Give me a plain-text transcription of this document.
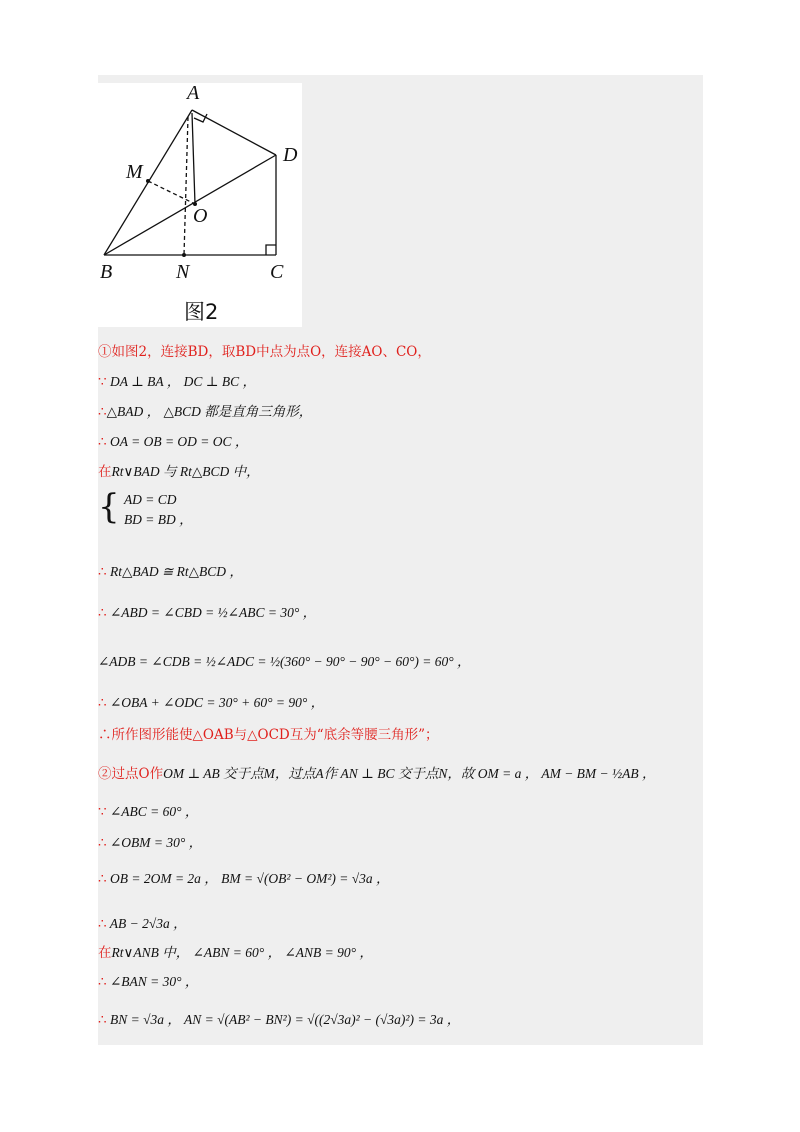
A
D
M
O
B	N	C
图2
①如图2，连接BD，取BD中点为点O，连接AO、CO，
∵ DA ⊥ BA ， DC ⊥ BC ，
∴△BAD ， △BCD 都是直角三角形，
∴ OA = OB = OD = OC ，
在Rt∨BAD 与 Rt△BCD 中，
{ AD = CD
BD = BD ，
∴ Rt△BAD ≅ Rt△BCD ，
∴ ∠ABD = ∠CBD = ½∠ABC = 30° ，
∠ADB = ∠CDB = ½∠ADC = ½(360° − 90° − 90° − 60°) = 60° ，
∴ ∠OBA + ∠ODC = 30° + 60° = 90° ，
∴所作图形能使△OAB与△OCD互为“底余等腰三角形”；
②过点O作OM ⊥ AB 交于点M，过点A作 AN ⊥ BC 交于点N，故 OM = a ， AM − BM − ½AB ，
∵ ∠ABC = 60° ，
∴ ∠OBM = 30° ，
∴ OB = 2OM = 2a ， BM = √(OB² − OM²) = √3a ，
∴ AB − 2√3a ，
在Rt∨ANB 中， ∠ABN = 60° ， ∠ANB = 90° ，
∴ ∠BAN = 30° ，
∴ BN = √3a ， AN = √(AB² − BN²) = √((2√3a)² − (√3a)²) = 3a ，
